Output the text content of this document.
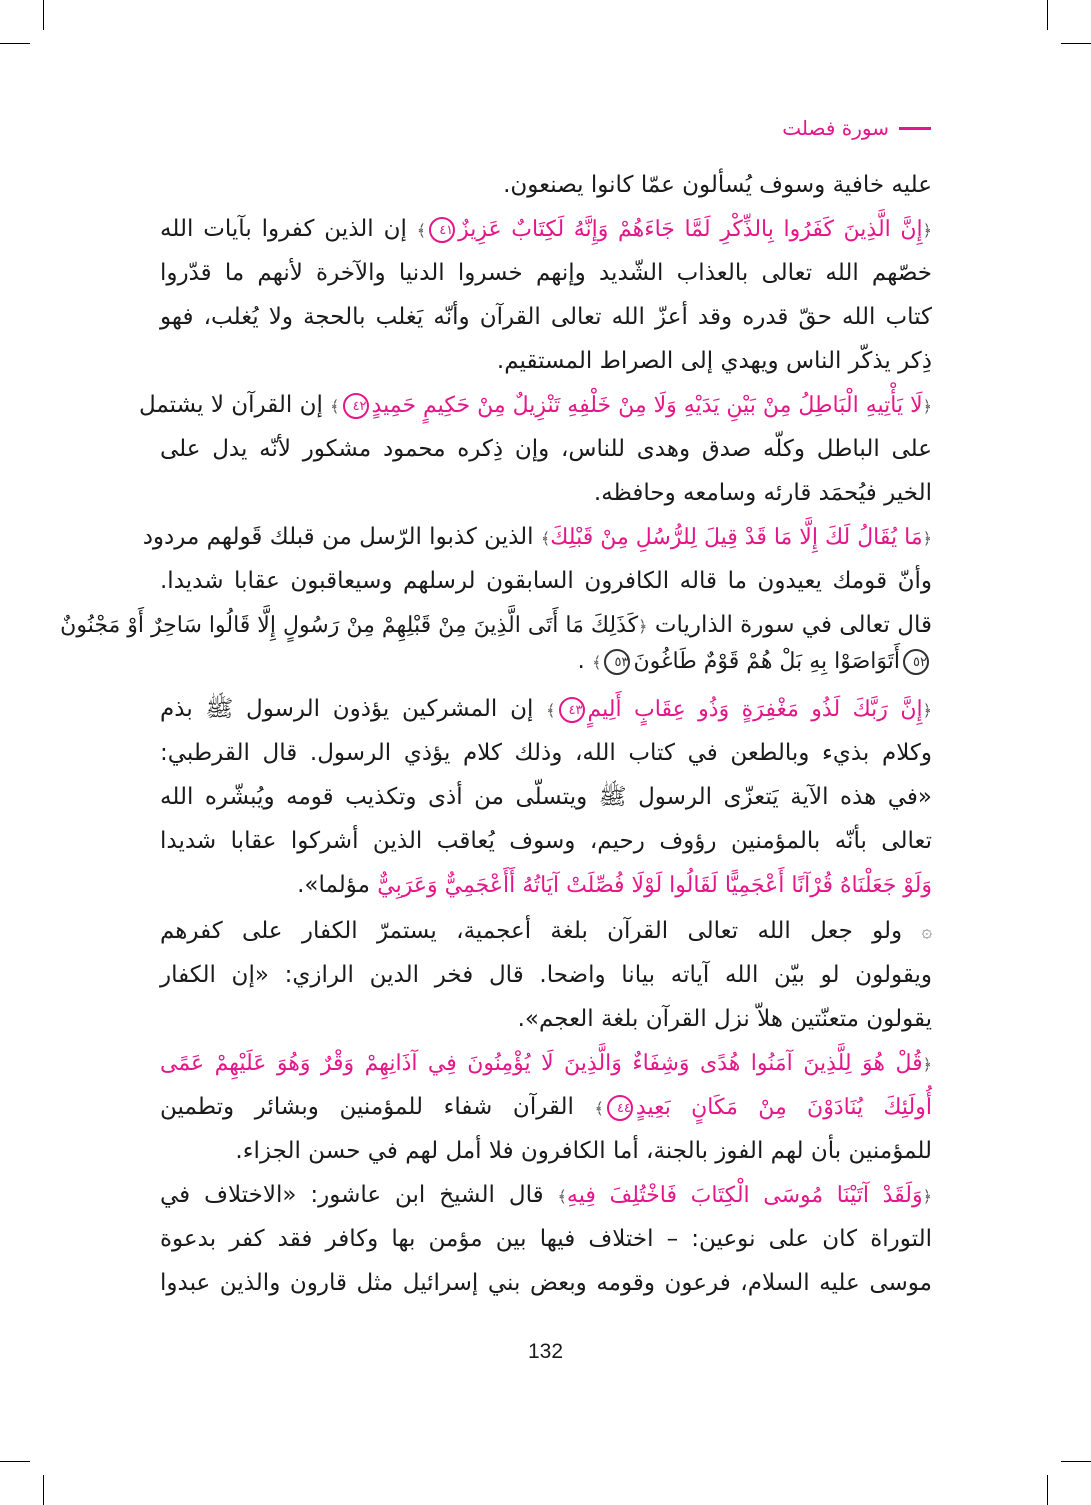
سورة فصلت
عليه خافية وسوف يُسألون عمّا كانوا يصنعون.
﴿إِنَّ الَّذِينَ كَفَرُوا بِالذِّكْرِ لَمَّا جَاءَهُمْ وَإِنَّهُ لَكِتَابٌ عَزِيزٌ٤١﴾ إن الذين كفروا بآيات الله
خصّهم الله تعالى بالعذاب الشّديد وإنهم خسروا الدنيا والآخرة لأنهم ما قدّروا
كتاب الله حقّ قدره وقد أعزّ الله تعالى القرآن وأنّه يَغلب بالحجة ولا يُغلب، فهو
ذِكر يذكّر الناس ويهدي إلى الصراط المستقيم.
﴿لَا يَأْتِيهِ الْبَاطِلُ مِنْ بَيْنِ يَدَيْهِ وَلَا مِنْ خَلْفِهِ تَنْزِيلٌ مِنْ حَكِيمٍ حَمِيدٍ٤٢﴾ إن القرآن لا يشتمل
على الباطل وكلّه صدق وهدى للناس، وإن ذِكره محمود مشكور لأنّه يدل على
الخير فيُحمَد قارئه وسامعه وحافظه.
﴿مَا يُقَالُ لَكَ إِلَّا مَا قَدْ قِيلَ لِلرُّسُلِ مِنْ قَبْلِكَ﴾ الذين كذبوا الرّسل من قبلك قَولهم مردود
وأنّ قومك يعيدون ما قاله الكافرون السابقون لرسلهم وسيعاقبون عقابا شديدا.
قال تعالى في سورة الذاريات ﴿كَذَلِكَ مَا أَتَى الَّذِينَ مِنْ قَبْلِهِمْ مِنْ رَسُولٍ إِلَّا قَالُوا سَاحِرٌ أَوْ مَجْنُونٌ
٥٢أَتَوَاصَوْا بِهِ بَلْ هُمْ قَوْمٌ طَاغُونَ٥٣﴾ .
﴿إِنَّ رَبَّكَ لَذُو مَغْفِرَةٍ وَذُو عِقَابٍ أَلِيمٍ٤٣﴾ إن المشركين يؤذون الرسول ﷺ بذم
وكلام بذيء وبالطعن في كتاب الله، وذلك كلام يؤذي الرسول. قال القرطبي:
«في هذه الآية يَتعزّى الرسول ﷺ ويتسلّى من أذى وتكذيب قومه ويُبشّره الله
تعالى بأنّه بالمؤمنين رؤوف رحيم، وسوف يُعاقب الذين أشركوا عقابا شديدا
وَلَوْ جَعَلْنَاهُ قُرْآنًا أَعْجَمِيًّا لَقَالُوا لَوْلَا فُصِّلَتْ آيَاتُهُ أَأَعْجَمِيٌّ وَعَرَبِيٌّ مؤلما».
۞ ولو جعل الله تعالى القرآن بلغة أعجمية، يستمرّ الكفار على كفرهم
ويقولون لو بيّن الله آياته بيانا واضحا. قال فخر الدين الرازي: «إن الكفار
يقولون متعنّتين هلاّ نزل القرآن بلغة العجم».
﴿قُلْ هُوَ لِلَّذِينَ آمَنُوا هُدًى وَشِفَاءٌ وَالَّذِينَ لَا يُؤْمِنُونَ فِي آذَانِهِمْ وَقْرٌ وَهُوَ عَلَيْهِمْ عَمًى
أُولَئِكَ يُنَادَوْنَ مِنْ مَكَانٍ بَعِيدٍ٤٤﴾ القرآن شفاء للمؤمنين وبشائر وتطمين
للمؤمنين بأن لهم الفوز بالجنة، أما الكافرون فلا أمل لهم في حسن الجزاء.
﴿وَلَقَدْ آتَيْنَا مُوسَى الْكِتَابَ فَاخْتُلِفَ فِيهِ﴾ قال الشيخ ابن عاشور: «الاختلاف في
التوراة كان على نوعين: – اختلاف فيها بين مؤمن بها وكافر فقد كفر بدعوة
موسى عليه السلام، فرعون وقومه وبعض بني إسرائيل مثل قارون والذين عبدوا
132
